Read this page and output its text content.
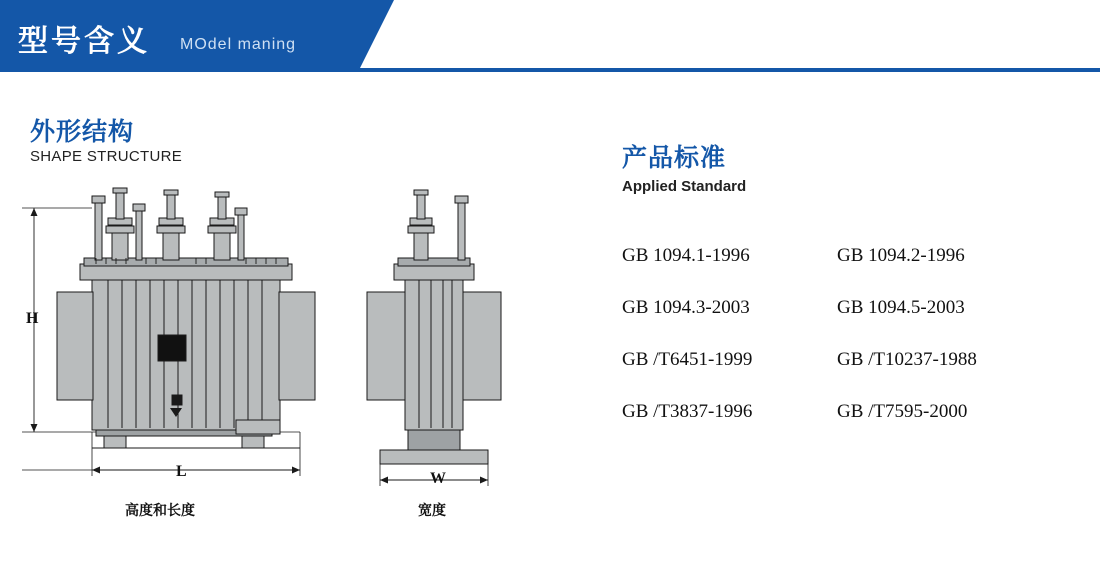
型号含义 MOdel maning
外形结构
SHAPE STRUCTURE
H
L	W
高度和长度	宽度
产品标准
Applied Standard
GB 1094.1-1996	GB 1094.2-1996
GB 1094.3-2003	GB 1094.5-2003
GB /T6451-1999	GB /T10237-1988
GB /T3837-1996	GB /T7595-2000
